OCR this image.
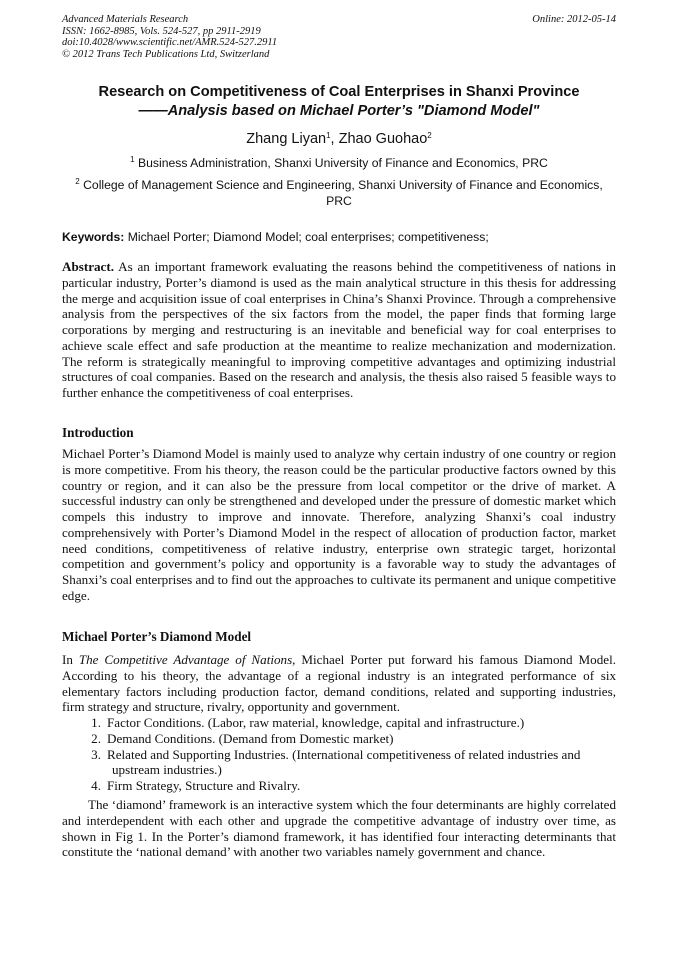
Advanced Materials Research
ISSN: 1662-8985, Vols. 524-527, pp 2911-2919
doi:10.4028/www.scientific.net/AMR.524-527.2911
© 2012 Trans Tech Publications Ltd, Switzerland
Online: 2012-05-14
Research on Competitiveness of Coal Enterprises in Shanxi Province
——Analysis based on Michael Porter’s "Diamond Model"
Zhang Liyan$^1$, Zhao Guohao$^2$
$^1$ Business Administration, Shanxi University of Finance and Economics, PRC
$^2$ College of Management Science and Engineering, Shanxi University of Finance and Economics, PRC
Keywords: Michael Porter; Diamond Model; coal enterprises; competitiveness;
Abstract. As an important framework evaluating the reasons behind the competitiveness of nations in particular industry, Porter’s diamond is used as the main analytical structure in this thesis for addressing the merge and acquisition issue of coal enterprises in China’s Shanxi Province. Through a comprehensive analysis from the perspectives of the six factors from the model, the paper finds that forming large corporations by merging and restructuring is an inevitable and beneficial way for coal enterprises to achieve scale effect and safe production at the meantime to realize mechanization and modernization. The reform is strategically meaningful to improving competitive advantages and optimizing industrial structures of coal companies. Based on the research and analysis, the thesis also raised 5 feasible ways to further enhance the competitiveness of coal enterprises.
Introduction
Michael Porter’s Diamond Model is mainly used to analyze why certain industry of one country or region is more competitive. From his theory, the reason could be the particular productive factors owned by this country or region, and it can also be the pressure from local competitor or the drive of market. A successful industry can only be strengthened and developed under the pressure of domestic market which compels this industry to improve and innovate. Therefore, analyzing Shanxi’s coal industry comprehensively with Porter’s Diamond Model in the respect of allocation of production factor, market need conditions, competitiveness of relative industry, enterprise own strategic target, horizontal competition and government’s policy and opportunity is a favorable way to study the advantages of Shanxi’s coal enterprises and to find out the approaches to cultivate its permanent and unique competitive edge.
Michael Porter’s Diamond Model
In The Competitive Advantage of Nations, Michael Porter put forward his famous Diamond Model. According to his theory, the advantage of a regional industry is an integrated performance of six elementary factors including production factor, demand conditions, related and supporting industries, firm strategy and structure, rivalry, opportunity and government.
1. Factor Conditions. (Labor, raw material, knowledge, capital and infrastructure.)
2. Demand Conditions. (Demand from Domestic market)
3. Related and Supporting Industries. (International competitiveness of related industries and
upstream industries.)
4. Firm Strategy, Structure and Rivalry.
The ‘diamond’ framework is an interactive system which the four determinants are highly correlated and interdependent with each other and upgrade the competitive advantage of industry over time, as shown in Fig 1. In the Porter’s diamond framework, it has identified four interacting determinants that constitute the ‘national demand’ with another two variables namely government and chance.
